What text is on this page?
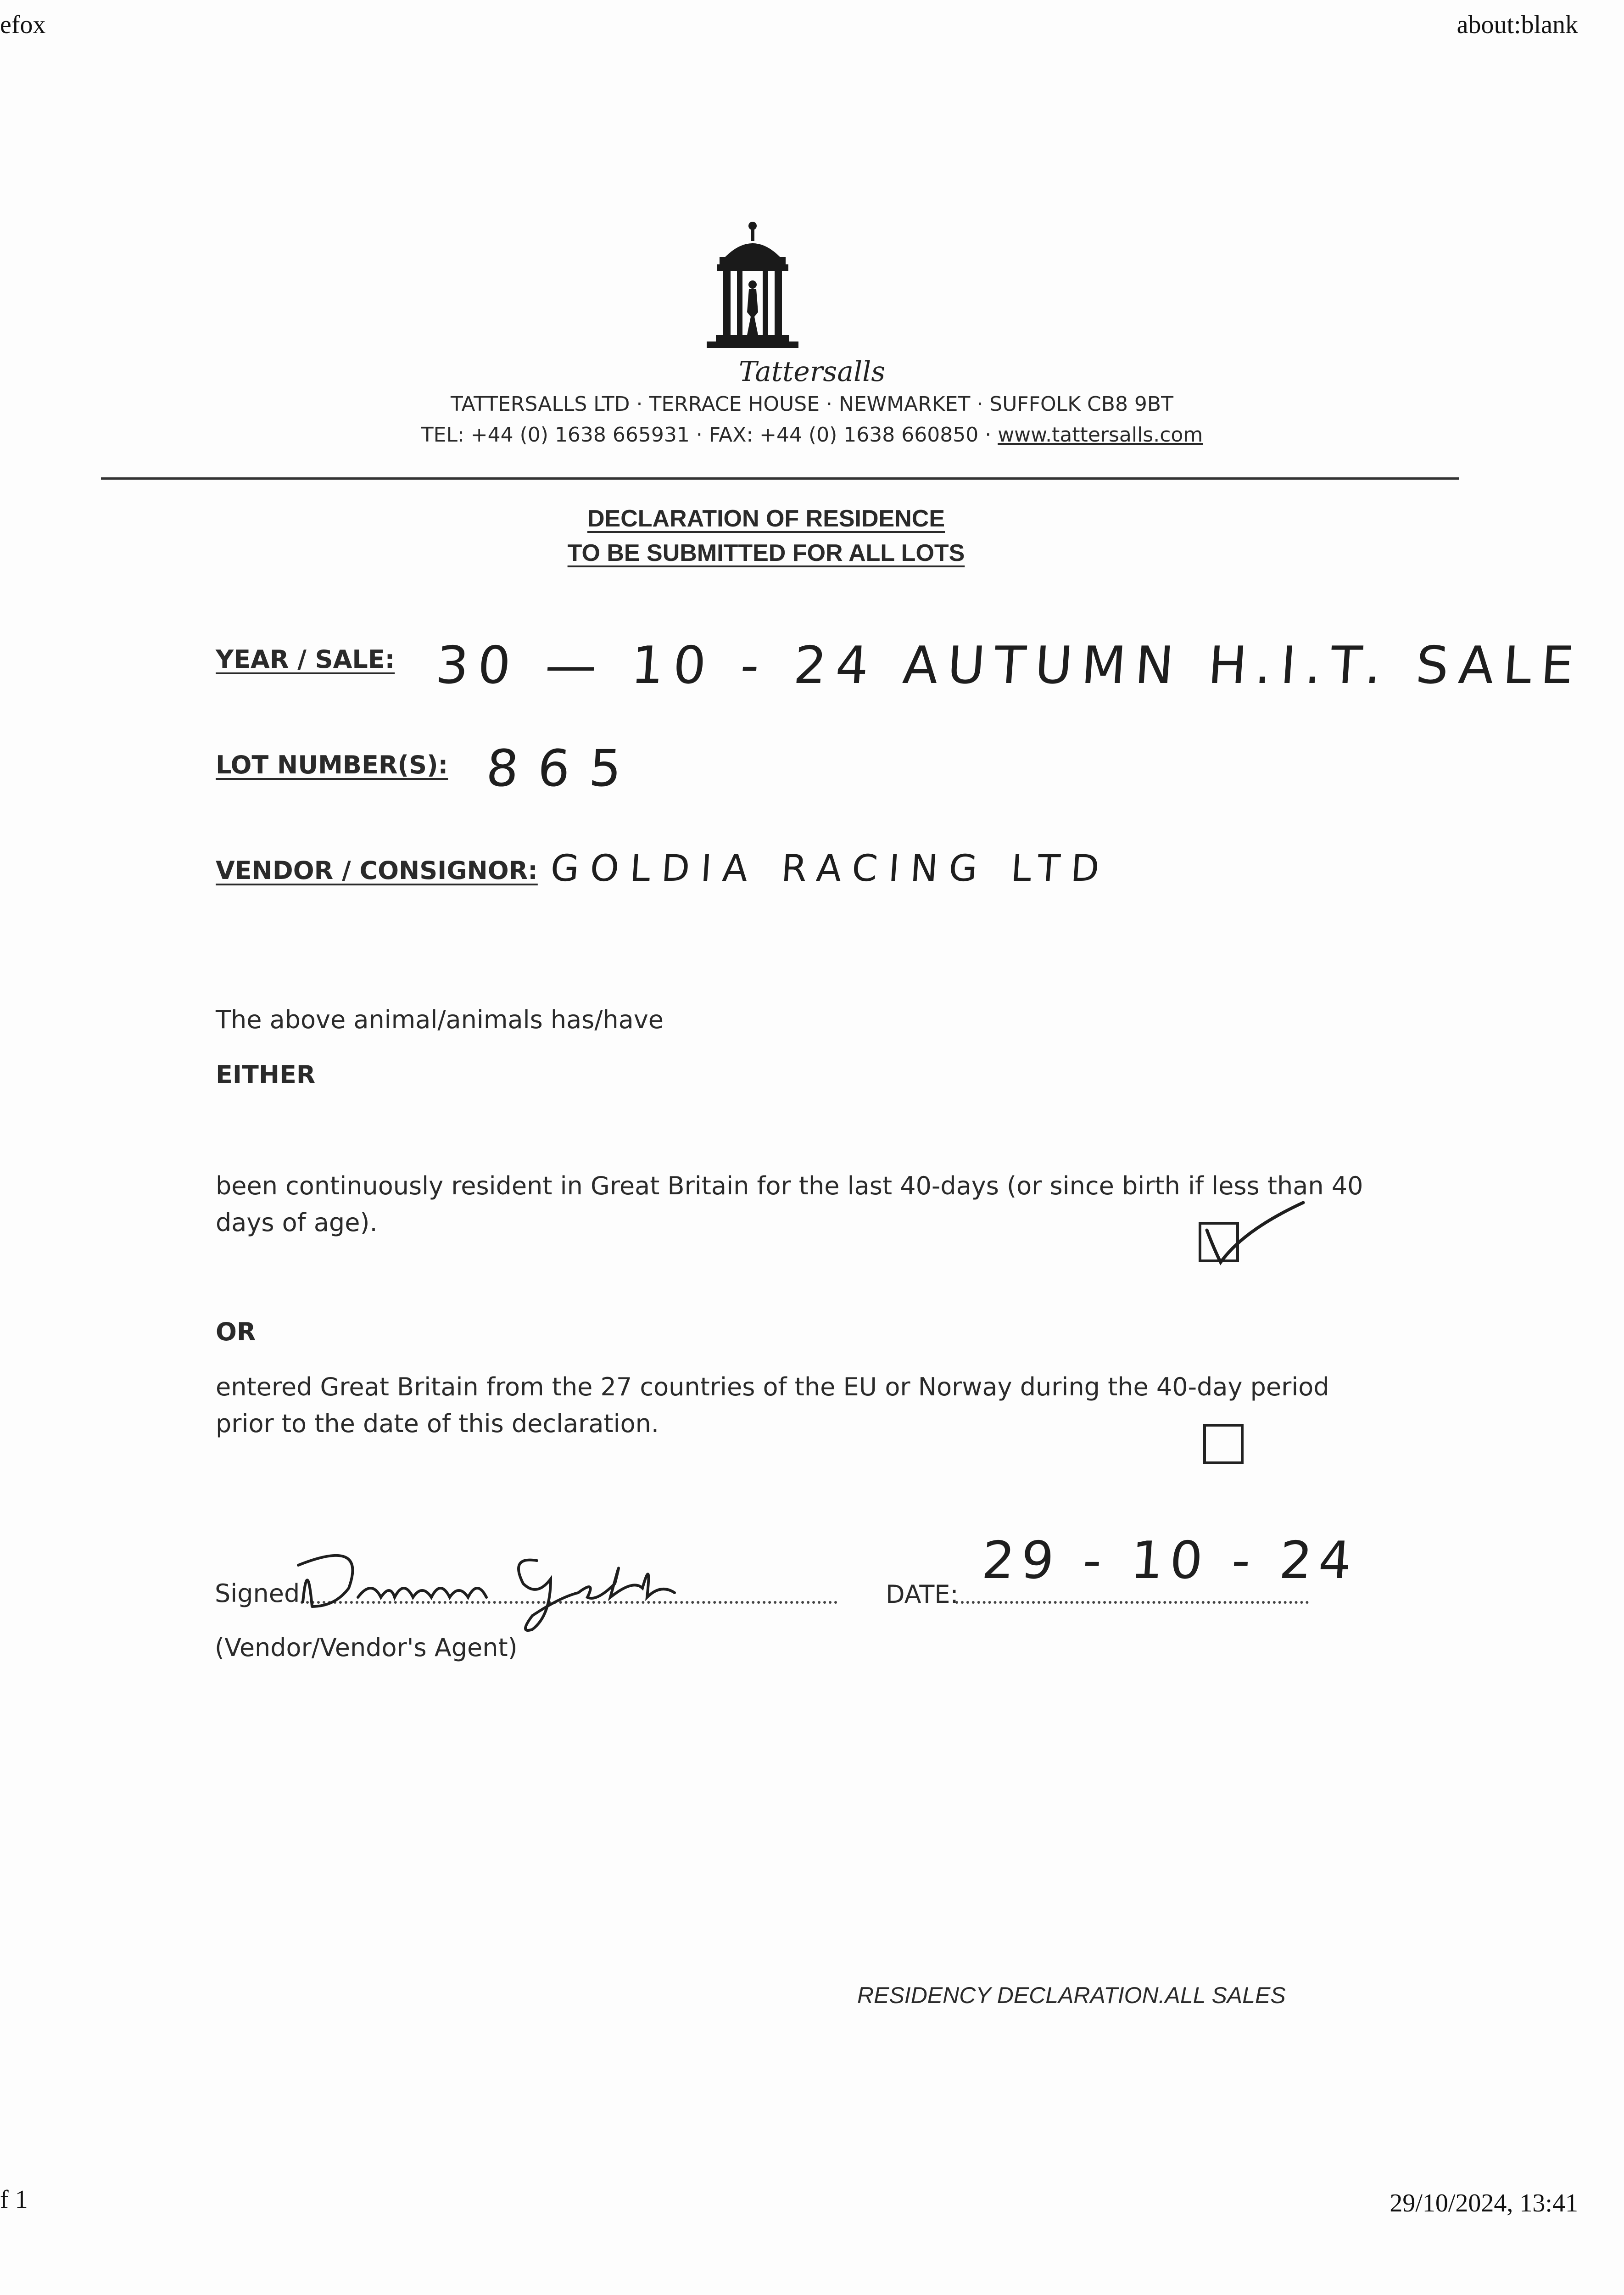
efox	about:blank
f 1	29/10/2024, 13:41
Tattersalls
TATTERSALLS LTD · TERRACE HOUSE · NEWMARKET · SUFFOLK CB8 9BT
TEL: +44 (0) 1638 665931 · FAX: +44 (0) 1638 660850 · www.tattersalls.com
DECLARATION OF RESIDENCE
TO BE SUBMITTED FOR ALL LOTS
YEAR / SALE: 30 — 10 - 24 AUTUMN H.I.T. SALE
LOT NUMBER(S): 865
VENDOR / CONSIGNOR: GOLDIA RACING LTD
The above animal/animals has/have
EITHER
been continuously resident in Great Britain for the last 40-days (or since birth if less than 40
days of age).
OR
entered Great Britain from the 27 countries of the EU or Norway during the 40-day period
prior to the date of this declaration.
Signed	DATE:
29 - 10 - 24
(Vendor/Vendor's Agent)
RESIDENCY DECLARATION.ALL SALES
